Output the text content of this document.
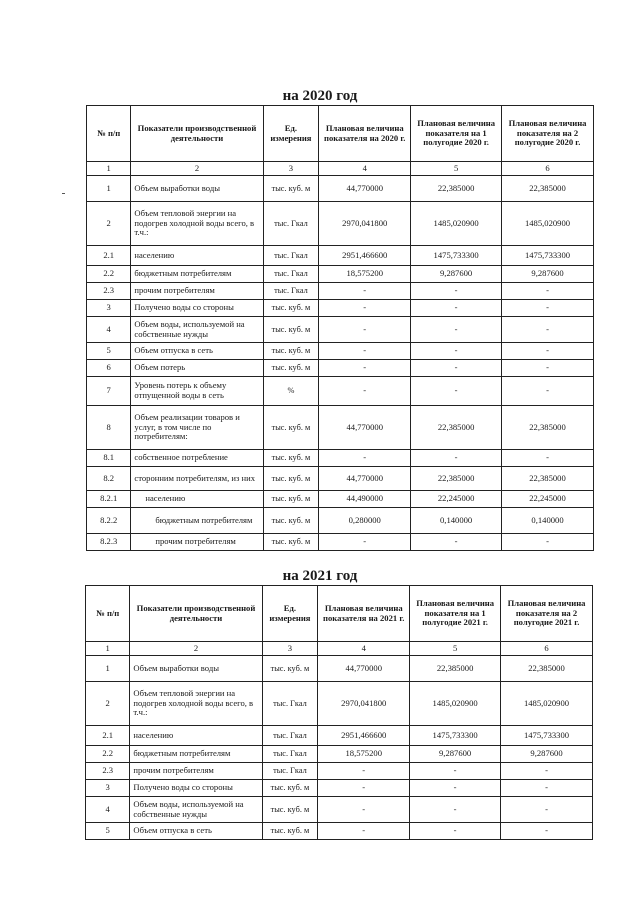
на 2020 год
№ п/п	Показатели производственной деятельности	Ед. измерения	Плановая величина показателя на 2020 г.	Плановая величина показателя на 1 полугодие 2020 г.	Плановая величина показателя на 2 полугодие 2020 г.
1	2	3	4	5	6
1	Объем выработки воды	тыс. куб. м	44,770000	22,385000	22,385000
2	Объем тепловой энергии на подогрев холодной воды всего, в т.ч.:	тыс. Гкал	2970,041800	1485,020900	1485,020900
2.1	населению	тыс. Гкал	2951,466600	1475,733300	1475,733300
2.2	бюджетным потребителям	тыс. Гкал	18,575200	9,287600	9,287600
2.3	прочим потребителям	тыс. Гкал	-	-	-
3	Получено воды со стороны	тыс. куб. м	-	-	-
4	Объем воды, используемой на собственные нужды	тыс. куб. м	-	-	-
5	Объем отпуска в сеть	тыс. куб. м	-	-	-
6	Объем потерь	тыс. куб. м	-	-	-
7	Уровень потерь к объему отпущенной воды в сеть	%	-	-	-
8	Объем реализации товаров и услуг, в том числе по потребителям:	тыс. куб. м	44,770000	22,385000	22,385000
8.1	собственное потребление	тыс. куб. м	-	-	-
8.2	сторонним потребителям, из них	тыс. куб. м	44,770000	22,385000	22,385000
8.2.1	населению	тыс. куб. м	44,490000	22,245000	22,245000
8.2.2	бюджетным потребителям	тыс. куб. м	0,280000	0,140000	0,140000
8.2.3	прочим потребителям	тыс. куб. м	-	-	-
на 2021 год
№ п/п	Показатели производственной деятельности	Ед. измерения	Плановая величина показателя на 2021 г.	Плановая величина показателя на 1 полугодие 2021 г.	Плановая величина показателя на 2 полугодие 2021 г.
1	2	3	4	5	6
1	Объем выработки воды	тыс. куб. м	44,770000	22,385000	22,385000
2	Объем тепловой энергии на подогрев холодной воды всего, в т.ч.:	тыс. Гкал	2970,041800	1485,020900	1485,020900
2.1	населению	тыс. Гкал	2951,466600	1475,733300	1475,733300
2.2	бюджетным потребителям	тыс. Гкал	18,575200	9,287600	9,287600
2.3	прочим потребителям	тыс. Гкал	-	-	-
3	Получено воды со стороны	тыс. куб. м	-	-	-
4	Объем воды, используемой на собственные нужды	тыс. куб. м	-	-	-
5	Объем отпуска в сеть	тыс. куб. м	-	-	-
